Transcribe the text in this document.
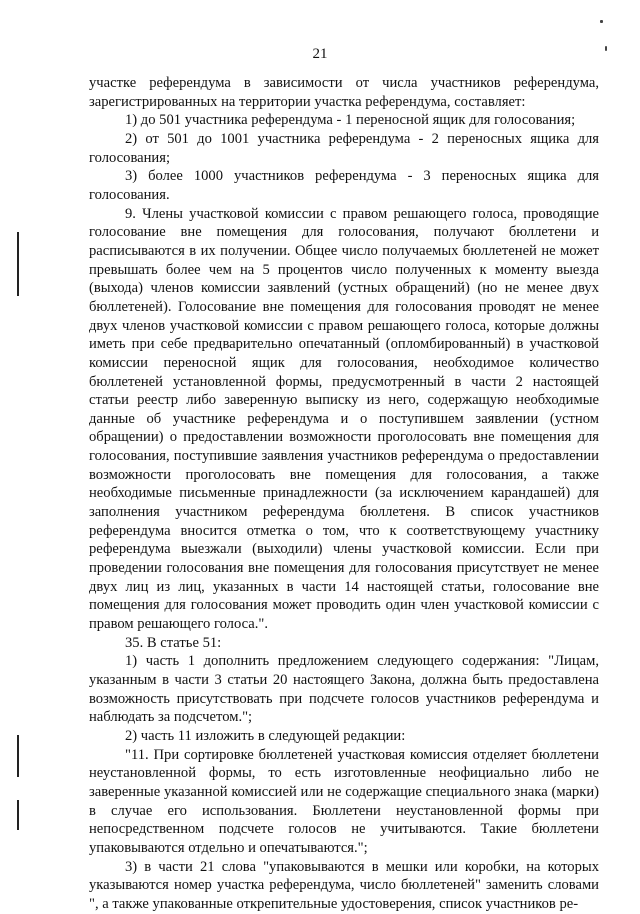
21

участке референдума в зависимости от числа участников референдума, зарегистрированных на территории участка референдума, составляет:

1) до 501 участника референдума - 1 переносной ящик для голосования;

2) от 501 до 1001 участника референдума - 2 переносных ящика для голосования;

3) более 1000 участников референдума - 3 переносных ящика для голосования.

9. Члены участковой комиссии с правом решающего голоса, проводящие голосование вне помещения для голосования, получают бюллетени и расписываются в их получении. Общее число получаемых бюллетеней не может превышать более чем на 5 процентов число полученных к моменту выезда (выхода) членов комиссии заявлений (устных обращений) (но не менее двух бюллетеней). Голосование вне помещения для голосования проводят не менее двух членов участковой комиссии с правом решающего голоса, которые должны иметь при себе предварительно опечатанный (опломбированный) в участковой комиссии переносной ящик для голосования, необходимое количество бюллетеней установленной формы, предусмотренный в части 2 настоящей статьи реестр либо заверенную выписку из него, содержащую необходимые данные об участнике референдума и о поступившем заявлении (устном обращении) о предоставлении возможности проголосовать вне помещения для голосования, поступившие заявления участников референдума о предоставлении возможности проголосовать вне помещения для голосования, а также необходимые письменные принадлежности (за исключением карандашей) для заполнения участником референдума бюллетеня. В список участников референдума вносится отметка о том, что к соответствующему участнику референдума выезжали (выходили) члены участковой комиссии. Если при проведении голосования вне помещения для голосования присутствует не менее двух лиц из лиц, указанных в части 14 настоящей статьи, голосование вне помещения для голосования может проводить один член участковой комиссии с правом решающего голоса.".

35. В статье 51:

1) часть 1 дополнить предложением следующего содержания: "Лицам, указанным в части 3 статьи 20 настоящего Закона, должна быть предоставлена возможность присутствовать при подсчете голосов участников референдума и наблюдать за подсчетом.";

2) часть 11 изложить в следующей редакции:

"11. При сортировке бюллетеней участковая комиссия отделяет бюллетени неустановленной формы, то есть изготовленные неофициально либо не заверенные указанной комиссией или не содержащие специального знака (марки) в случае его использования. Бюллетени неустановленной формы при непосредственном подсчете голосов не учитываются. Такие бюллетени упаковываются отдельно и опечатываются.";

3) в части 21 слова "упаковываются в мешки или коробки, на которых указываются номер участка референдума, число бюллетеней" заменить словами ", а также упакованные открепительные удостоверения, список участников ре-
